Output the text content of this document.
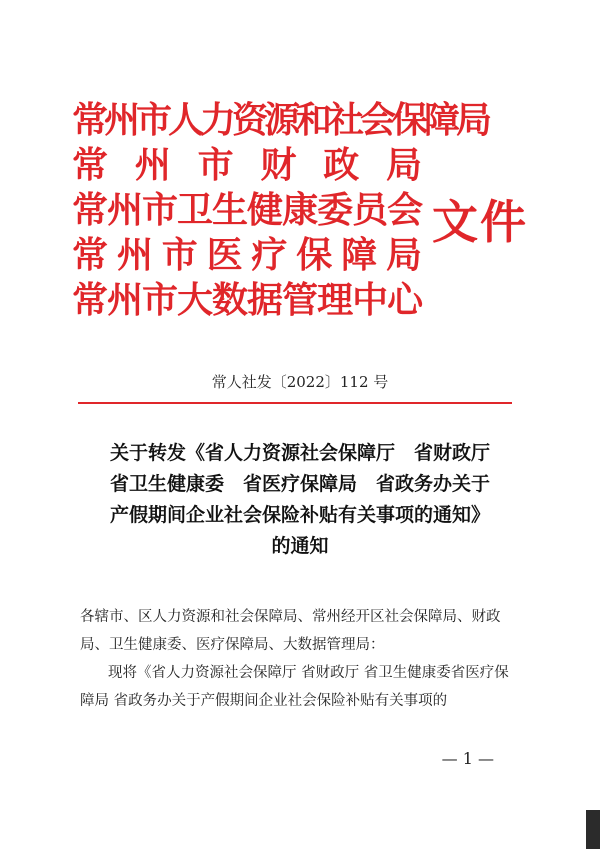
常州市人力资源和社会保障局
常州市财政局
常州市卫生健康委员会
常州市医疗保障局
常州市大数据管理中心
文件
常人社发〔2022〕112 号
关于转发《省人力资源社会保障厅　省财政厅
省卫生健康委　省医疗保障局　省政务办关于
产假期间企业社会保险补贴有关事项的通知》
的通知

各辖市、区人力资源和社会保障局、常州经开区社会保障局、财政局、卫生健康委、医疗保障局、大数据管理局：

现将《省人力资源社会保障厅 省财政厅 省卫生健康委省医疗保障局 省政务办关于产假期间企业社会保险补贴有关事项的

— 1 —
